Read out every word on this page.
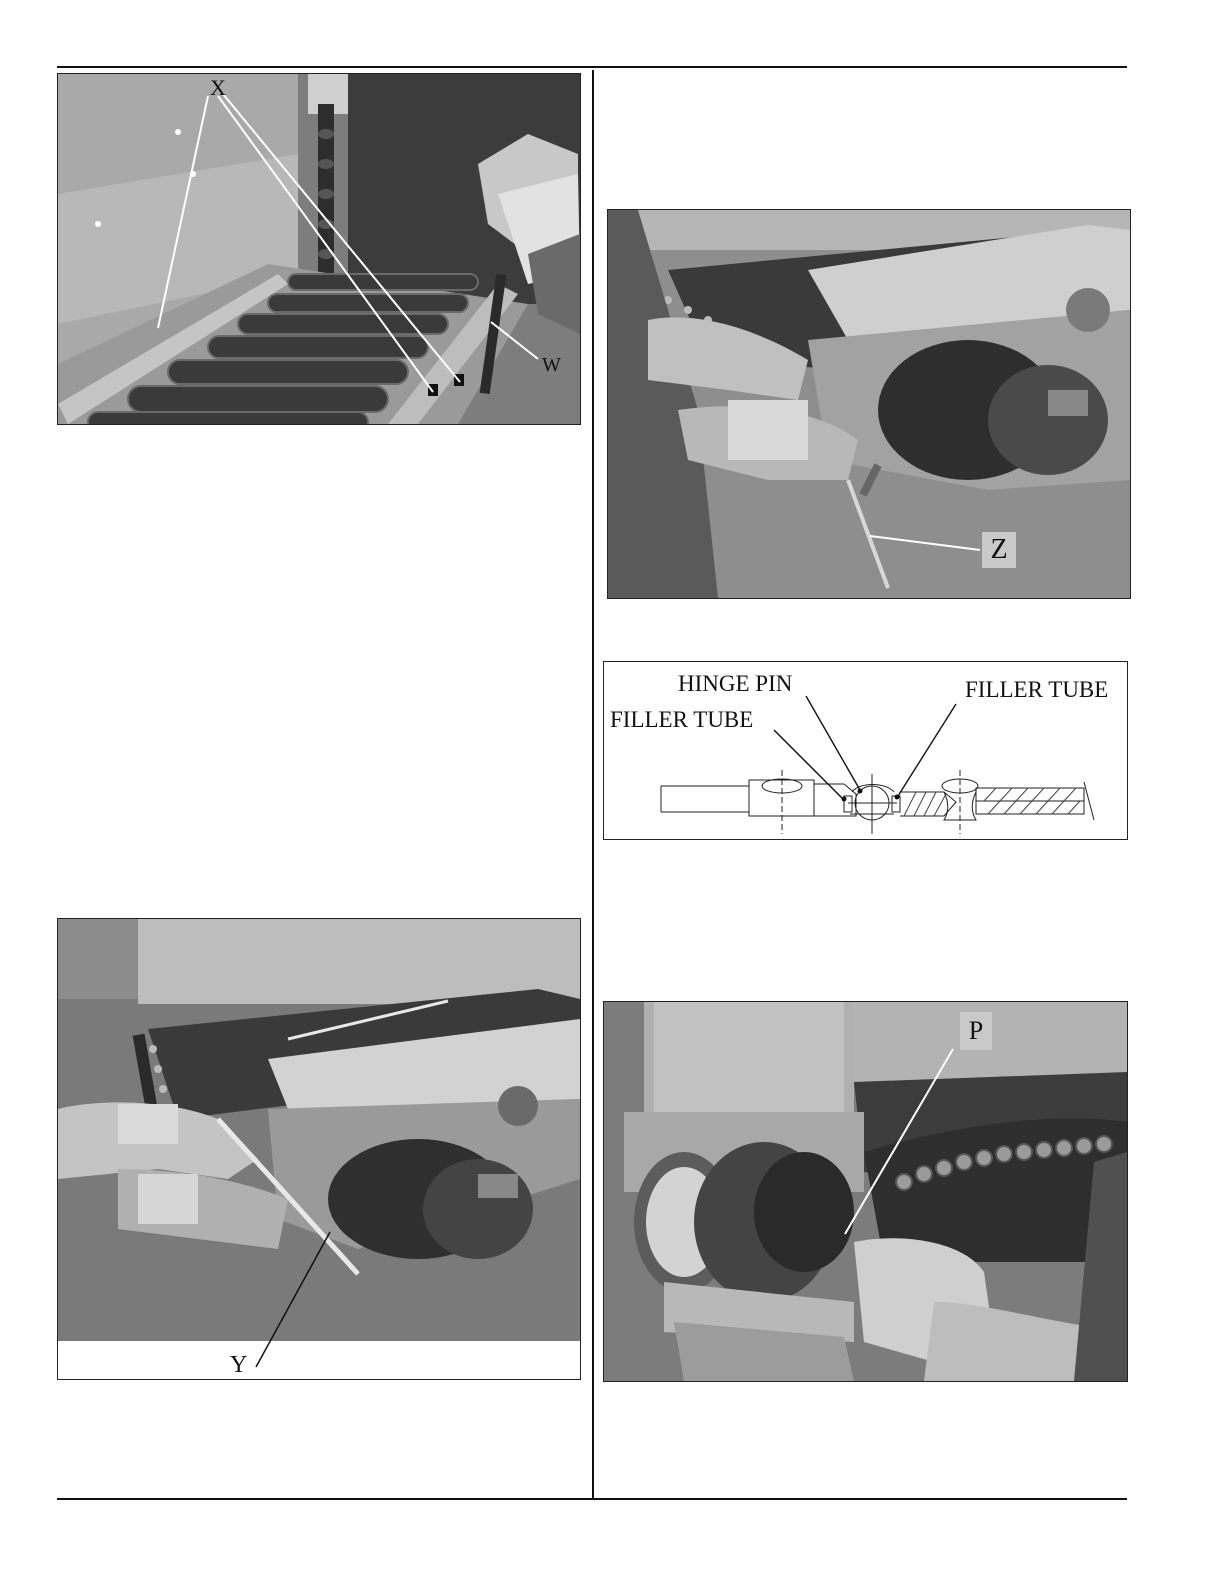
X
W
Y
Z
HINGE PIN
FILLER TUBE
FILLER TUBE
P
